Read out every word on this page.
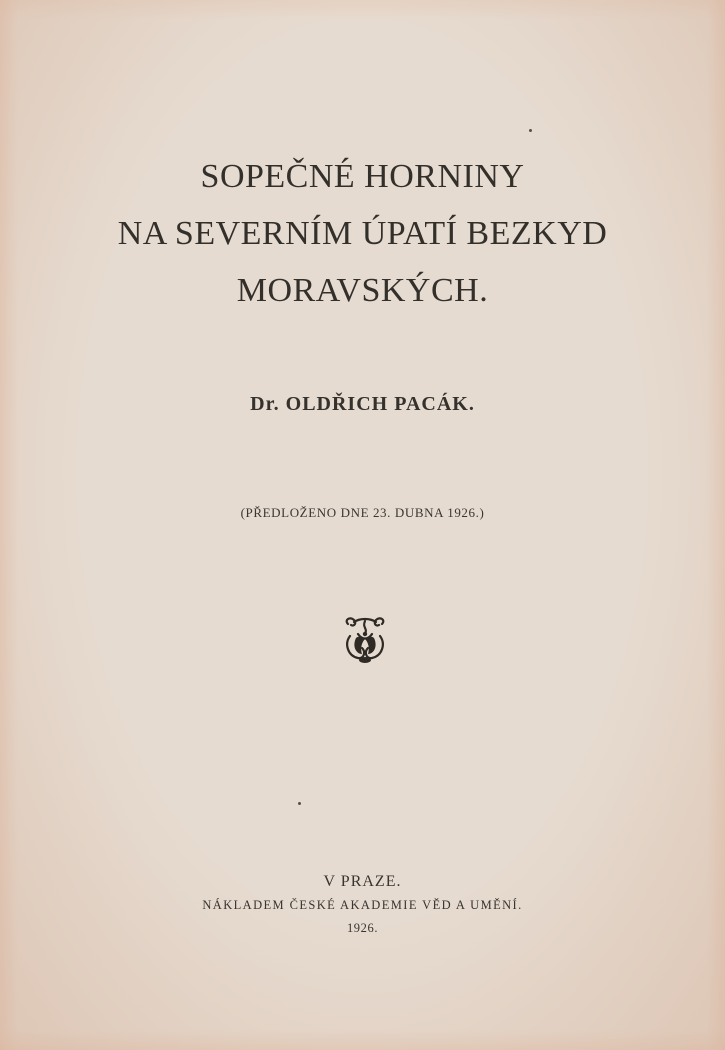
SOPEČNÉ HORNINY
NA SEVERNÍM ÚPATÍ BEZKYD
MORAVSKÝCH.
Dr. OLDŘICH PACÁK.
(PŘEDLOŽENO DNE 23. DUBNA 1926.)
V PRAZE.
NÁKLADEM ČESKÉ AKADEMIE VĚD A UMĚNÍ.
1926.
